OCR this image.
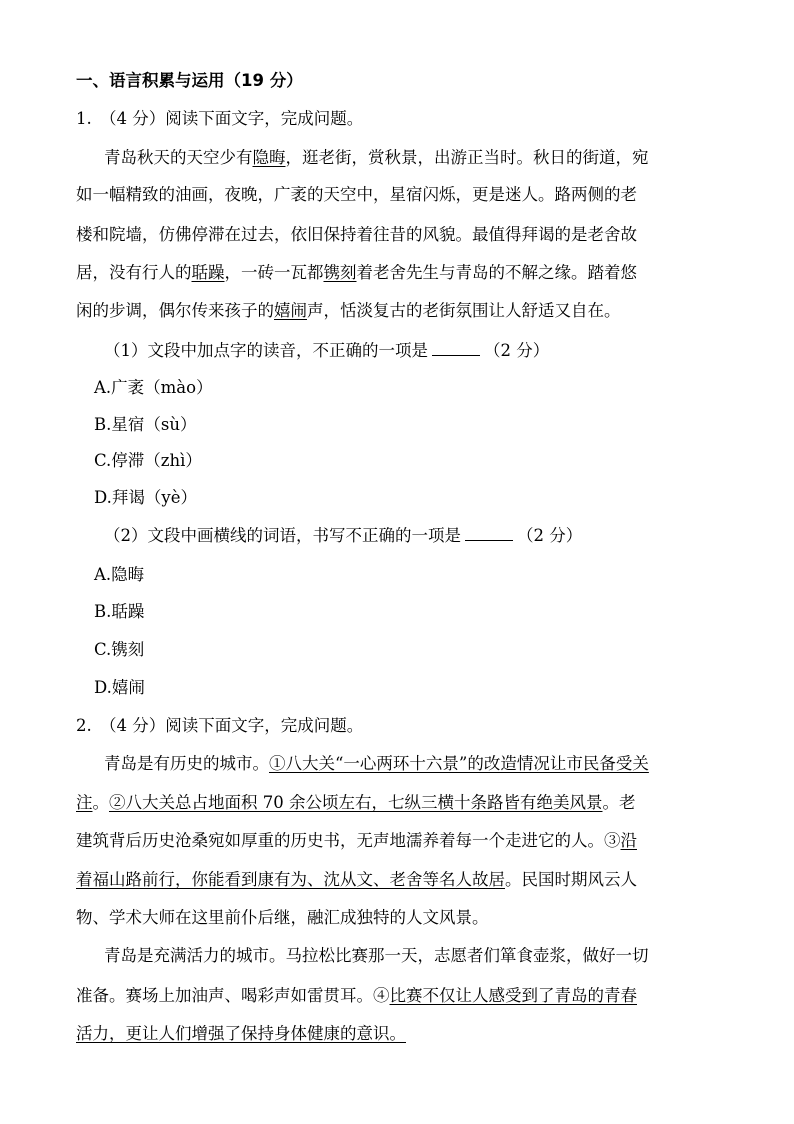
一、语言积累与运用（19 分）
1.　（4 分）阅读下面文字，完成问题。
青岛秋天的天空少有隐晦，逛老街，赏秋景，出游正当时。秋日的街道，宛
如一幅精致的油画，夜晚，广袤的天空中，星宿闪烁，更是迷人。路两侧的老
楼和院墙，仿佛停滞在过去，依旧保持着往昔的风貌。最值得拜谒的是老舍故
居，没有行人的聒躁，一砖一瓦都镌刻着老舍先生与青岛的不解之缘。踏着悠
闲的步调，偶尔传来孩子的嬉闹声，恬淡复古的老街氛围让人舒适又自在。
（1）文段中加点字的读音，不正确的一项是	（2 分）
A.广袤（mào）
B.星宿（sù）
C.停滞（zhì）
D.拜谒（yè）
（2）文段中画横线的词语，书写不正确的一项是	（2 分）
A.隐晦
B.聒躁
C.镌刻
D.嬉闹
2.　（4 分）阅读下面文字，完成问题。
青岛是有历史的城市。①八大关“一心两环十六景”的改造情况让市民备受关
注。②八大关总占地面积 70 余公顷左右，七纵三横十条路皆有绝美风景。老
建筑背后历史沧桑宛如厚重的历史书，无声地濡养着每一个走进它的人。③沿
着福山路前行，你能看到康有为、沈从文、老舍等名人故居。民国时期风云人
物、学术大师在这里前仆后继，融汇成独特的人文风景。
青岛是充满活力的城市。马拉松比赛那一天，志愿者们箪食壶浆，做好一切
准备。赛场上加油声、喝彩声如雷贯耳。④比赛不仅让人感受到了青岛的青春
活力，更让人们增强了保持身体健康的意识。
